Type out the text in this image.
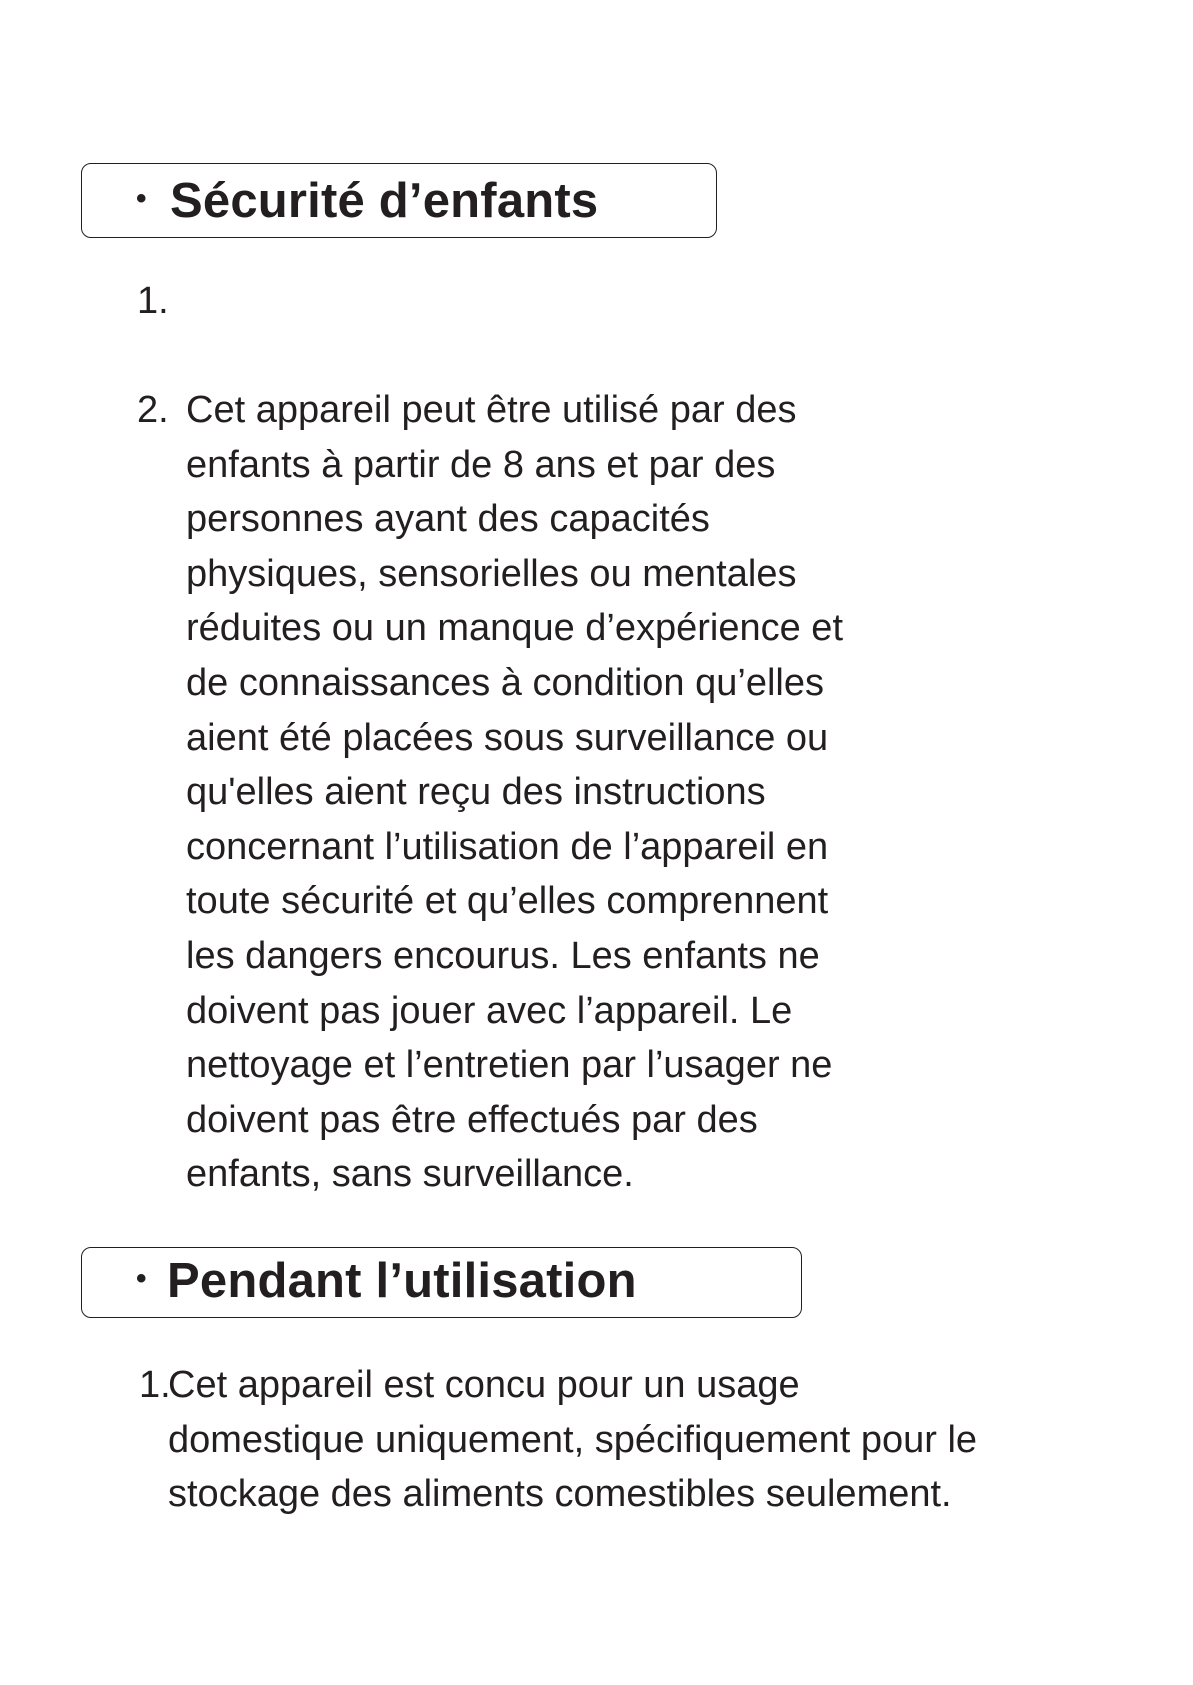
• Sécurité d’enfants
1.
2. Cet appareil peut être utilisé par des
enfants à partir de 8 ans et par des
personnes ayant des capacités
physiques, sensorielles ou mentales
réduites ou un manque d’expérience et
de connaissances à condition qu’elles
aient été placées sous surveillance ou
qu'elles aient reçu des instructions
concernant l’utilisation de l’appareil en
toute sécurité et qu’elles comprennent
les dangers encourus. Les enfants ne
doivent pas jouer avec l’appareil. Le
nettoyage et l’entretien par l’usager ne
doivent pas être effectués par des
enfants, sans surveillance.
• Pendant l’utilisation
1.
Cet appareil est concu pour un usage
domestique uniquement, spécifiquement pour le
stockage des aliments comestibles seulement.
